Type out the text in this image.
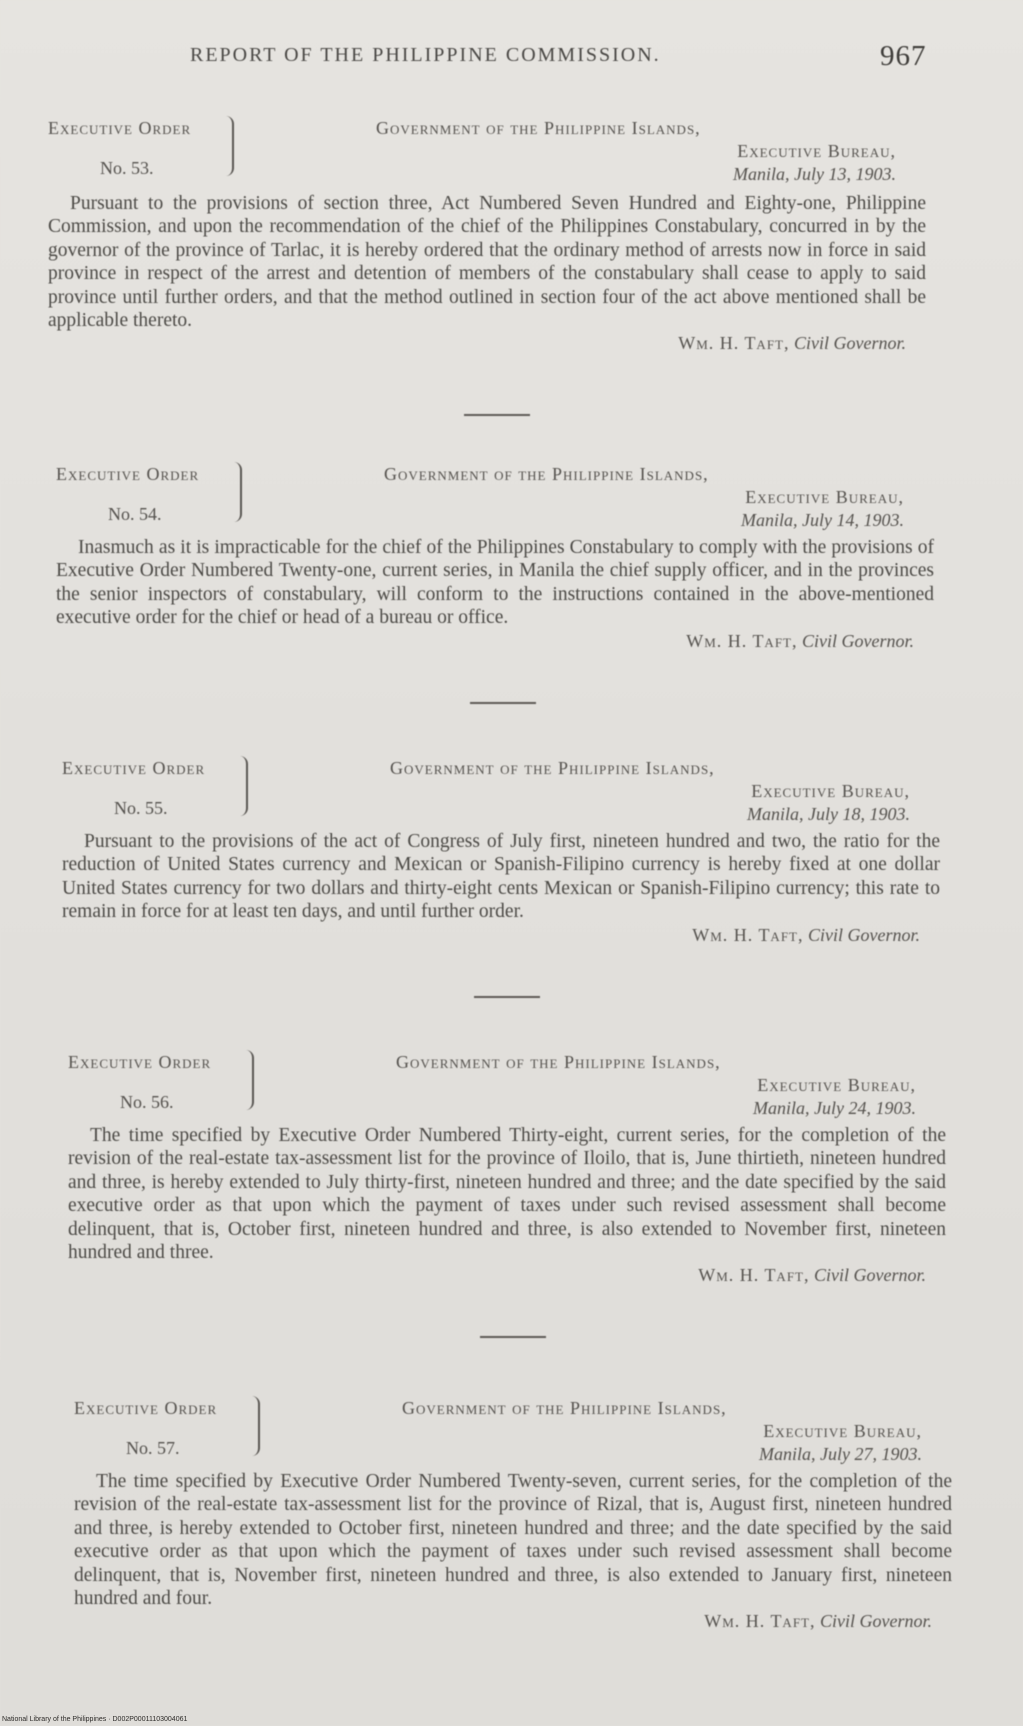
REPORT OF THE PHILIPPINE COMMISSION.	967
Executive Order
No. 53.
Government of the Philippine Islands,
Executive Bureau,
Manila, July 13, 1903.
Pursuant to the provisions of section three, Act Numbered Seven Hundred and Eighty-one, Philippine Commission, and upon the recommendation of the chief of the Philippines Constabulary, concurred in by the governor of the province of Tarlac, it is hereby ordered that the ordinary method of arrests now in force in said province in respect of the arrest and detention of members of the constabulary shall cease to apply to said province until further orders, and that the method outlined in section four of the act above mentioned shall be applicable thereto.
Wm. H. Taft, Civil Governor.
Executive Order
No. 54.
Government of the Philippine Islands,
Executive Bureau,
Manila, July 14, 1903.
Inasmuch as it is impracticable for the chief of the Philippines Constabulary to comply with the provisions of Executive Order Numbered Twenty-one, current series, in Manila the chief supply officer, and in the provinces the senior inspectors of constabulary, will conform to the instructions contained in the above-mentioned executive order for the chief or head of a bureau or office.
Wm. H. Taft, Civil Governor.
Executive Order
No. 55.
Government of the Philippine Islands,
Executive Bureau,
Manila, July 18, 1903.
Pursuant to the provisions of the act of Congress of July first, nineteen hundred and two, the ratio for the reduction of United States currency and Mexican or Spanish-Filipino currency is hereby fixed at one dollar United States currency for two dollars and thirty-eight cents Mexican or Spanish-Filipino currency; this rate to remain in force for at least ten days, and until further order.
Wm. H. Taft, Civil Governor.
Executive Order
No. 56.
Government of the Philippine Islands,
Executive Bureau,
Manila, July 24, 1903.
The time specified by Executive Order Numbered Thirty-eight, current series, for the completion of the revision of the real-estate tax-assessment list for the province of Iloilo, that is, June thirtieth, nineteen hundred and three, is hereby extended to July thirty-first, nineteen hundred and three; and the date specified by the said executive order as that upon which the payment of taxes under such revised assessment shall become delinquent, that is, October first, nineteen hundred and three, is also extended to November first, nineteen hundred and three.
Wm. H. Taft, Civil Governor.
Executive Order
No. 57.
Government of the Philippine Islands,
Executive Bureau,
Manila, July 27, 1903.
The time specified by Executive Order Numbered Twenty-seven, current series, for the completion of the revision of the real-estate tax-assessment list for the province of Rizal, that is, August first, nineteen hundred and three, is hereby extended to October first, nineteen hundred and three; and the date specified by the said executive order as that upon which the payment of taxes under such revised assessment shall become delinquent, that is, November first, nineteen hundred and three, is also extended to January first, nineteen hundred and four.
Wm. H. Taft, Civil Governor.
National Library of the Philippines · D002P00011103004061
